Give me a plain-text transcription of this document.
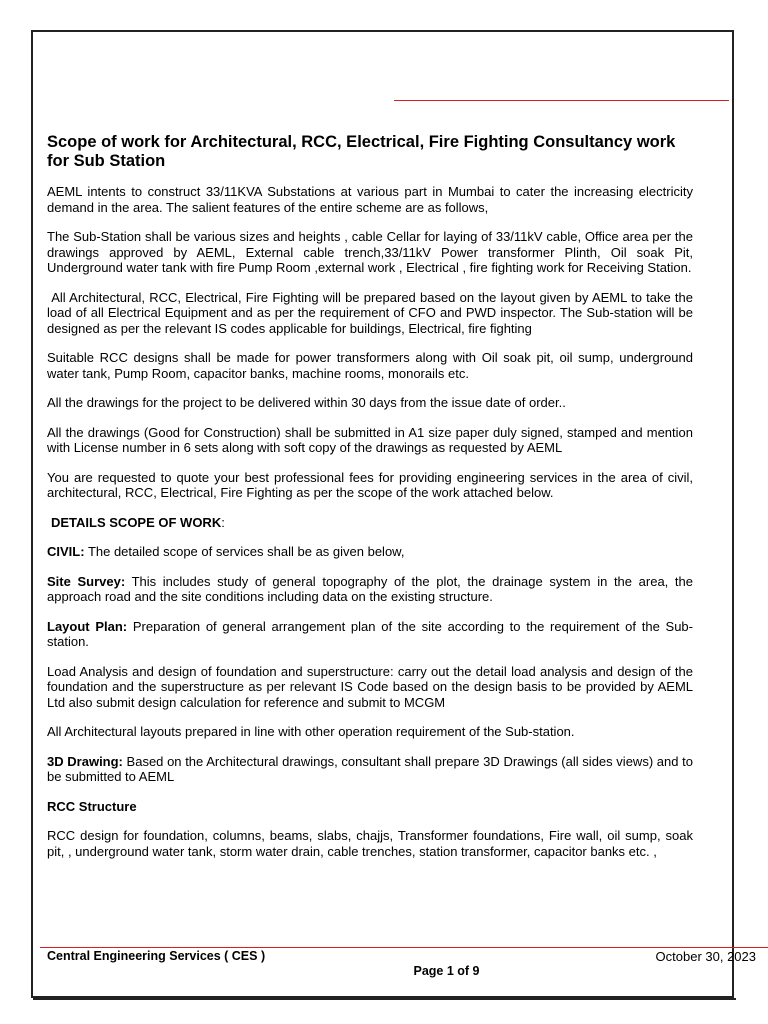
Scope of work for Architectural, RCC, Electrical, Fire Fighting Consultancy work for Sub Station

AEML intents to construct 33/11KVA Substations at various part in Mumbai to cater the increasing electricity demand in the area. The salient features of the entire scheme are as follows,

The Sub-Station shall be various sizes and heights , cable Cellar for laying of 33/11kV cable, Office area per the drawings approved by AEML, External cable trench,33/11kV Power transformer Plinth, Oil soak Pit, Underground water tank with fire Pump Room ,external work , Electrical , fire fighting work for Receiving Station.

All Architectural, RCC, Electrical, Fire Fighting will be prepared based on the layout given by AEML to take the load of all Electrical Equipment and as per the requirement of CFO and PWD inspector. The Sub-station will be designed as per the relevant IS codes applicable for buildings, Electrical, fire fighting

Suitable RCC designs shall be made for power transformers along with Oil soak pit, oil sump, underground water tank, Pump Room, capacitor banks, machine rooms, monorails etc.

All the drawings for the project to be delivered within 30 days from the issue date of order..

All the drawings (Good for Construction) shall be submitted in A1 size paper duly signed, stamped and mention with License number in 6 sets along with soft copy of the drawings as requested by AEML

You are requested to quote your best professional fees for providing engineering services in the area of civil, architectural, RCC, Electrical, Fire Fighting as per the scope of the work attached below.

DETAILS SCOPE OF WORK:

CIVIL: The detailed scope of services shall be as given below,

Site Survey: This includes study of general topography of the plot, the drainage system in the area, the approach road and the site conditions including data on the existing structure.

Layout Plan: Preparation of general arrangement plan of the site according to the requirement of the Sub- station.

Load Analysis and design of foundation and superstructure: carry out the detail load analysis and design of the foundation and the superstructure as per relevant IS Code based on the design basis to be provided by AEML Ltd also submit design calculation for reference and submit to MCGM

All Architectural layouts prepared in line with other operation requirement of the Sub-station.

3D Drawing: Based on the Architectural drawings, consultant shall prepare 3D Drawings (all sides views) and to be submitted to AEML

RCC Structure

RCC design for foundation, columns, beams, slabs, chajjs, Transformer foundations, Fire wall, oil sump, soak pit, , underground water tank, storm water drain, cable trenches, station transformer, capacitor banks etc. ,

Central Engineering Services ( CES )	October 30, 2023
Page 1 of 9
